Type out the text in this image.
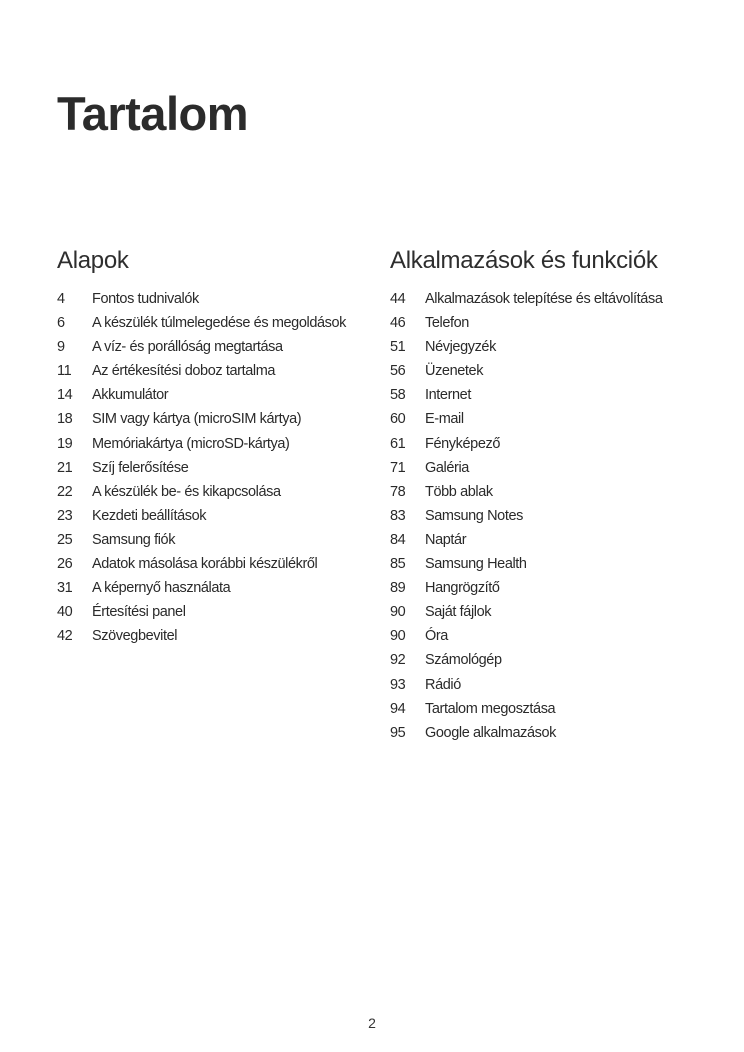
Tartalom
Alapok
4	Fontos tudnivalók
6	A készülék túlmelegedése és megoldások
9	A víz- és porállóság megtartása
11	Az értékesítési doboz tartalma
14	Akkumulátor
18	SIM vagy kártya (microSIM kártya)
19	Memóriakártya (microSD-kártya)
21	Szíj felerősítése
22	A készülék be- és kikapcsolása
23	Kezdeti beállítások
25	Samsung fiók
26	Adatok másolása korábbi készülékről
31	A képernyő használata
40	Értesítési panel
42	Szövegbevitel
Alkalmazások és funkciók
44	Alkalmazások telepítése és eltávolítása
46	Telefon
51	Névjegyzék
56	Üzenetek
58	Internet
60	E-mail
61	Fényképező
71	Galéria
78	Több ablak
83	Samsung Notes
84	Naptár
85	Samsung Health
89	Hangrögzítő
90	Saját fájlok
90	Óra
92	Számológép
93	Rádió
94	Tartalom megosztása
95	Google alkalmazások
2
